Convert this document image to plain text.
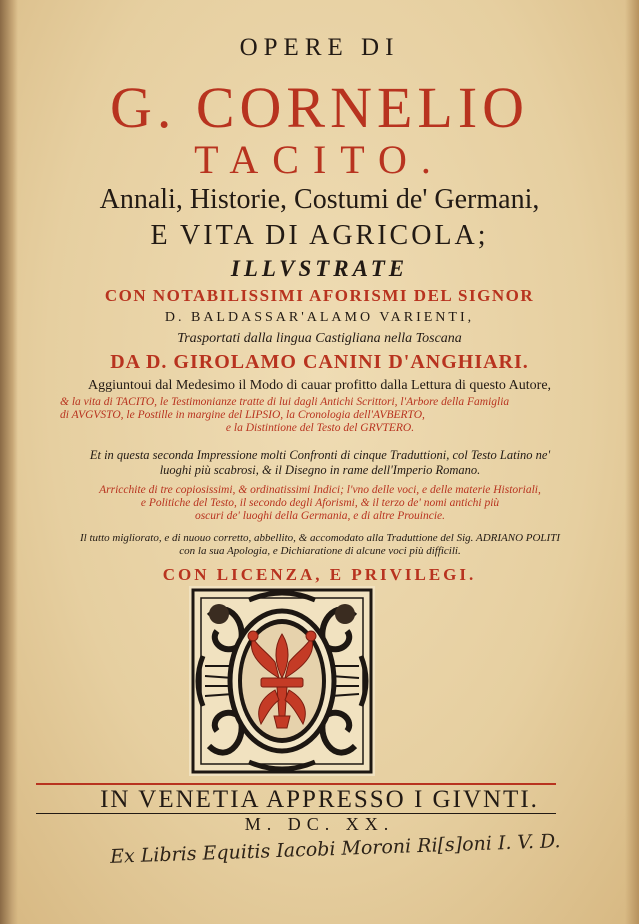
OPERE DI
G. CORNELIO
TACITO.
Annali, Historie, Costumi de' Germani,
E VITA DI AGRICOLA;
ILLVSTRATE
CON NOTABILISSIMI AFORISMI DEL SIGNOR
D. BALDASSAR'ALAMO VARIENTI,
Trasportati dalla lingua Castigliana nella Toscana
DA D. GIROLAMO CANINI D'ANGHIARI.
Aggiuntoui dal Medesimo il Modo di cauar profitto dalla Lettura di questo Autore,
& la vita di TACITO, le Testimonianze tratte di lui dagli Antichi Scrittori, l'Arbore della Famiglia
di AVGVSTO, le Postille in margine del LIPSIO, la Cronologia dell'AVBERTO,
e la Distintione del Testo del GRVTERO.
Et in questa seconda Impressione molti Confronti di cinque Traduttioni, col Testo Latino ne'
luoghi più scabrosi, & il Disegno in rame dell'Imperio Romano.
Arricchite di tre copiosissimi, & ordinatissimi Indici; l'vno delle voci, e delle materie Historiali,
e Politiche del Testo, il secondo degli Aforismi, & il terzo de' nomi antichi più
oscuri de' luoghi della Germania, e di altre Prouincie.
Il tutto migliorato, e di nuouo corretto, abbellito, & accomodato alla Traduttione del Sig. ADRIANO POLITI
con la sua Apologia, e Dichiaratione di alcune voci più difficili.
CON LICENZA, E PRIVILEGI.
IN VENETIA APPRESSO I GIVNTI.
M. DC. XX.
Ex Libris Equitis Iacobi Moroni Ri[s]oni I. V. D.
